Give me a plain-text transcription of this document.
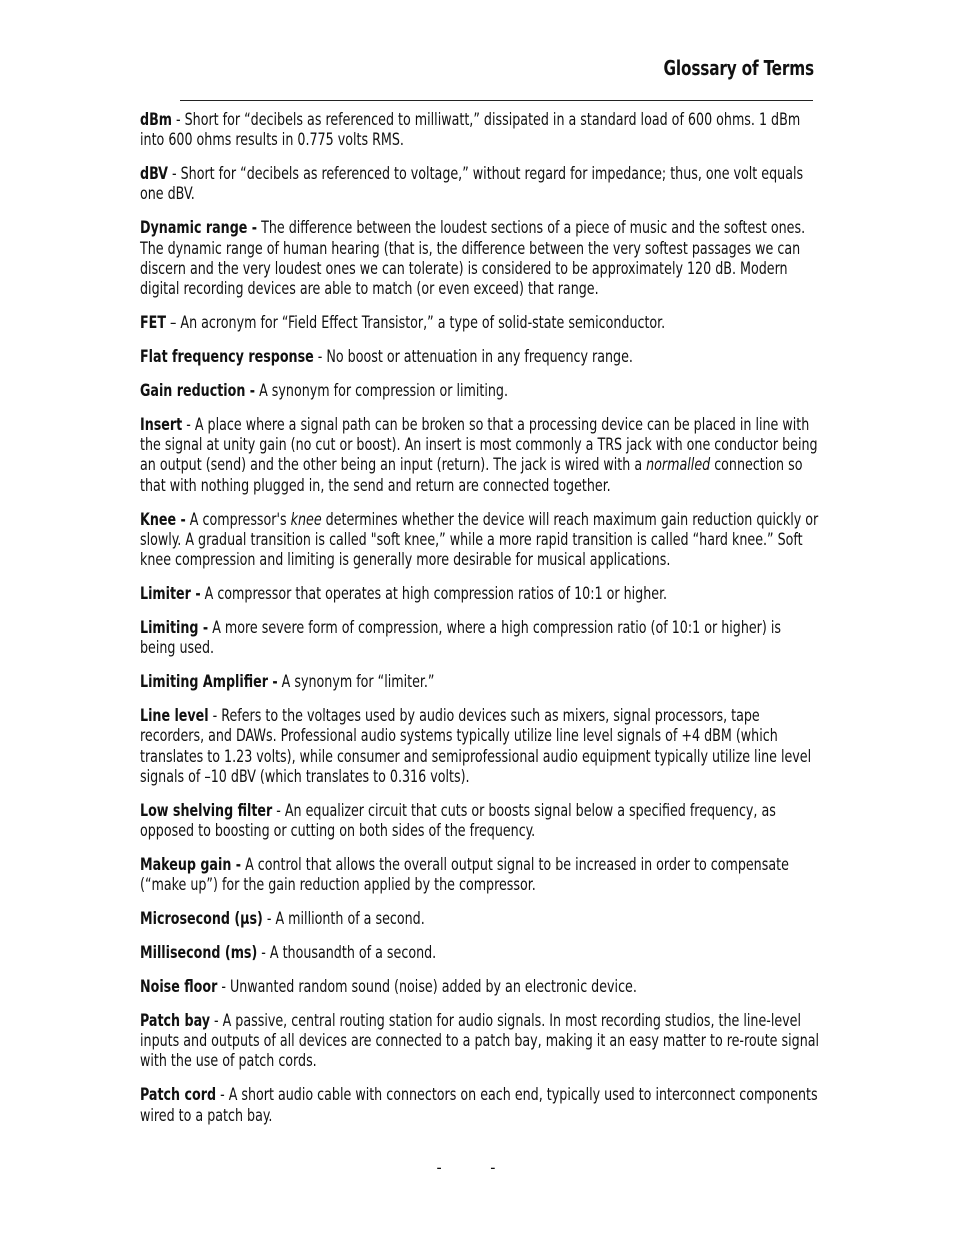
Glossary of Terms

dBm - Short for “decibels as referenced to milliwatt,” dissipated in a standard load of 600 ohms. 1 dBm into 600 ohms results in 0.775 volts RMS.

dBV - Short for “decibels as referenced to voltage,” without regard for impedance; thus, one volt equals one dBV.

Dynamic range - The difference between the loudest sections of a piece of music and the softest ones. The dynamic range of human hearing (that is, the difference between the very softest passages we can discern and the very loudest ones we can tolerate) is considered to be approximately 120 dB. Modern digital recording devices are able to match (or even exceed) that range.

FET – An acronym for “Field Effect Transistor,” a type of solid-state semiconductor.

Flat frequency response - No boost or attenuation in any frequency range.

Gain reduction - A synonym for compression or limiting.

Insert - A place where a signal path can be broken so that a processing device can be placed in line with the signal at unity gain (no cut or boost). An insert is most commonly a TRS jack with one conductor being an output (send) and the other being an input (return). The jack is wired with a normalled connection so that with nothing plugged in, the send and return are connected together.

Knee - A compressor's knee determines whether the device will reach maximum gain reduction quickly or slowly. A gradual transition is called "soft knee,” while a more rapid transition is called “hard knee.” Soft knee compression and limiting is generally more desirable for musical applications.

Limiter - A compressor that operates at high compression ratios of 10:1 or higher.

Limiting - A more severe form of compression, where a high compression ratio (of 10:1 or higher) is being used.

Limiting Amplifier - A synonym for “limiter.”

Line level - Refers to the voltages used by audio devices such as mixers, signal processors, tape recorders, and DAWs. Professional audio systems typically utilize line level signals of +4 dBM (which translates to 1.23 volts), while consumer and semiprofessional audio equipment typically utilize line level signals of –10 dBV (which translates to 0.316 volts).

Low shelving filter - An equalizer circuit that cuts or boosts signal below a specified frequency, as opposed to boosting or cutting on both sides of the frequency.

Makeup gain - A control that allows the overall output signal to be increased in order to compensate (“make up”) for the gain reduction applied by the compressor.

Microsecond (µs) - A millionth of a second.

Millisecond (ms) - A thousandth of a second.

Noise floor - Unwanted random sound (noise) added by an electronic device.

Patch bay - A passive, central routing station for audio signals. In most recording studios, the line-level inputs and outputs of all devices are connected to a patch bay, making it an easy matter to re-route signal with the use of patch cords.

Patch cord - A short audio cable with connectors on each end, typically used to interconnect components wired to a patch bay.

- -
